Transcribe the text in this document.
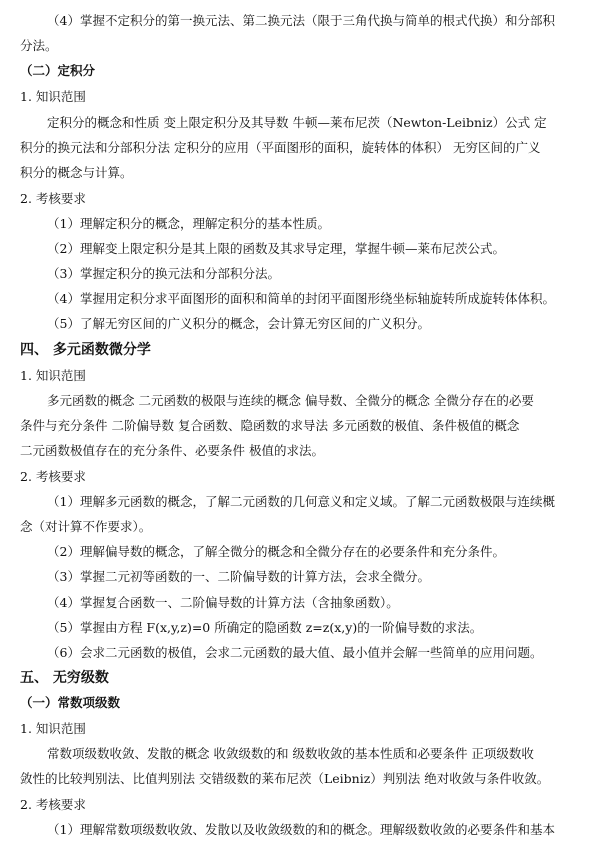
（4）掌握不定积分的第一换元法、第二换元法（限于三角代换与简单的根式代换）和分部积
分法。
（二）定积分
1. 知识范围
定积分的概念和性质 变上限定积分及其导数 牛顿—莱布尼茨（Newton-Leibniz）公式 定
积分的换元法和分部积分法 定积分的应用（平面图形的面积，旋转体的体积） 无穷区间的广义
积分的概念与计算。
2. 考核要求
（1）理解定积分的概念，理解定积分的基本性质。
（2）理解变上限定积分是其上限的函数及其求导定理，掌握牛顿—莱布尼茨公式。
（3）掌握定积分的换元法和分部积分法。
（4）掌握用定积分求平面图形的面积和简单的封闭平面图形绕坐标轴旋转所成旋转体体积。
（5）了解无穷区间的广义积分的概念，会计算无穷区间的广义积分。
四、 多元函数微分学
1. 知识范围
多元函数的概念 二元函数的极限与连续的概念 偏导数、全微分的概念 全微分存在的必要
条件与充分条件 二阶偏导数 复合函数、隐函数的求导法 多元函数的极值、条件极值的概念
二元函数极值存在的充分条件、必要条件 极值的求法。
2. 考核要求
（1）理解多元函数的概念，了解二元函数的几何意义和定义域。了解二元函数极限与连续概
念（对计算不作要求）。
（2）理解偏导数的概念，了解全微分的概念和全微分存在的必要条件和充分条件。
（3）掌握二元初等函数的一、二阶偏导数的计算方法，会求全微分。
（4）掌握复合函数一、二阶偏导数的计算方法（含抽象函数）。
（5）掌握由方程 F(x,y,z)=0 所确定的隐函数 z=z(x,y)的一阶偏导数的求法。
（6）会求二元函数的极值，会求二元函数的最大值、最小值并会解一些简单的应用问题。
五、 无穷级数
（一）常数项级数
1. 知识范围
常数项级数收敛、发散的概念 收敛级数的和 级数收敛的基本性质和必要条件 正项级数收
敛性的比较判别法、比值判别法 交错级数的莱布尼茨（Leibniz）判别法 绝对收敛与条件收敛。
2. 考核要求
（1）理解常数项级数收敛、发散以及收敛级数的和的概念。理解级数收敛的必要条件和基本
